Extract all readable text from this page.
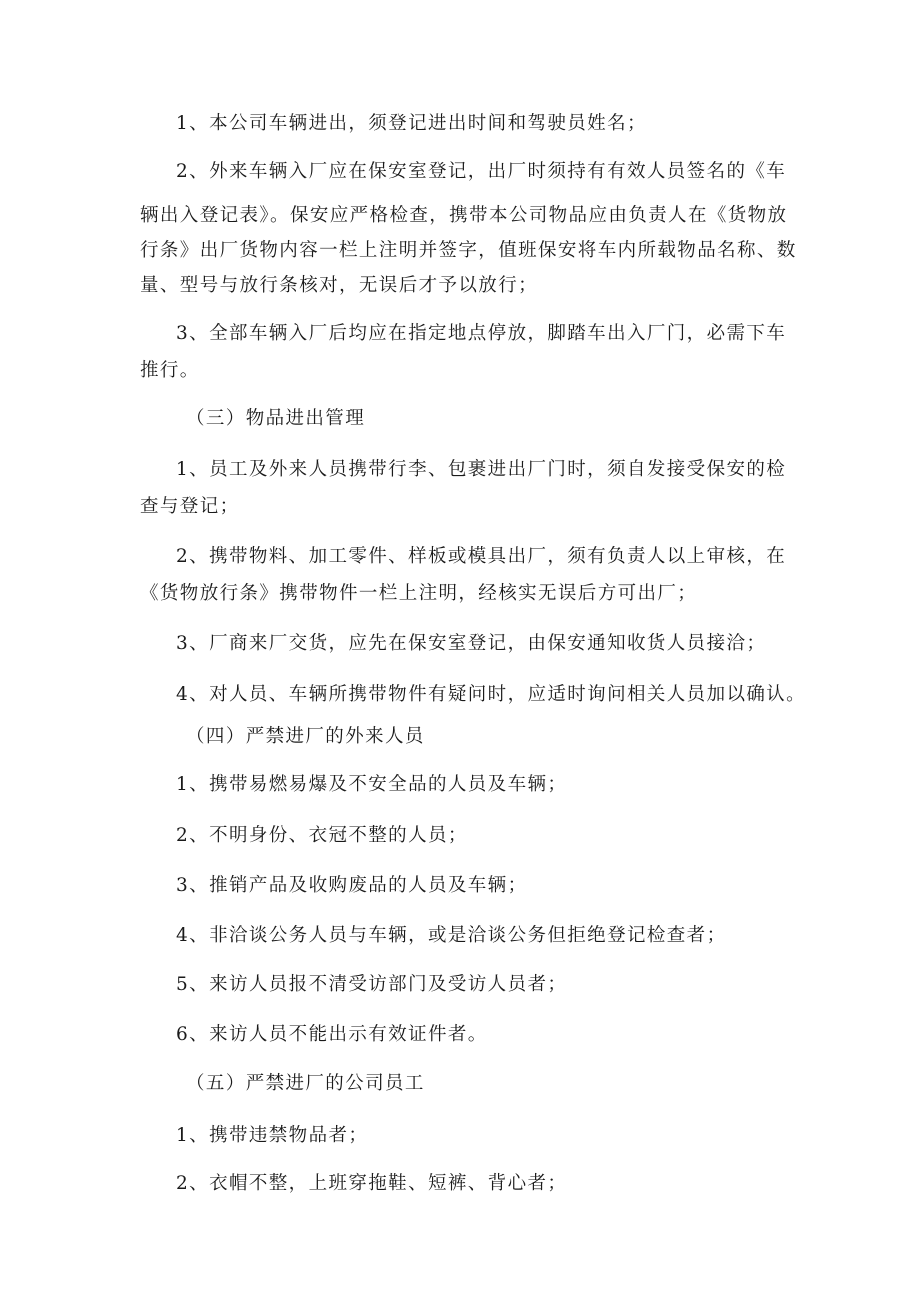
1、本公司车辆进出，须登记进出时间和驾驶员姓名；
2、外来车辆入厂应在保安室登记，出厂时须持有有效人员签名的《车
辆出入登记表》。保安应严格检查，携带本公司物品应由负责人在《货物放
行条》出厂货物内容一栏上注明并签字，值班保安将车内所载物品名称、数
量、型号与放行条核对，无误后才予以放行；
3、全部车辆入厂后均应在指定地点停放，脚踏车出入厂门，必需下车
推行。
（三）物品进出管理
1、员工及外来人员携带行李、包裹进出厂门时，须自发接受保安的检
查与登记；
2、携带物料、加工零件、样板或模具出厂，须有负责人以上审核，在
《货物放行条》携带物件一栏上注明，经核实无误后方可出厂；
3、厂商来厂交货，应先在保安室登记，由保安通知收货人员接洽；
4、对人员、车辆所携带物件有疑问时，应适时询问相关人员加以确认。
（四）严禁进厂的外来人员
1、携带易燃易爆及不安全品的人员及车辆；
2、不明身份、衣冠不整的人员；
3、推销产品及收购废品的人员及车辆；
4、非洽谈公务人员与车辆，或是洽谈公务但拒绝登记检查者；
5、来访人员报不清受访部门及受访人员者；
6、来访人员不能出示有效证件者。
（五）严禁进厂的公司员工
1、携带违禁物品者；
2、衣帽不整，上班穿拖鞋、短裤、背心者；
